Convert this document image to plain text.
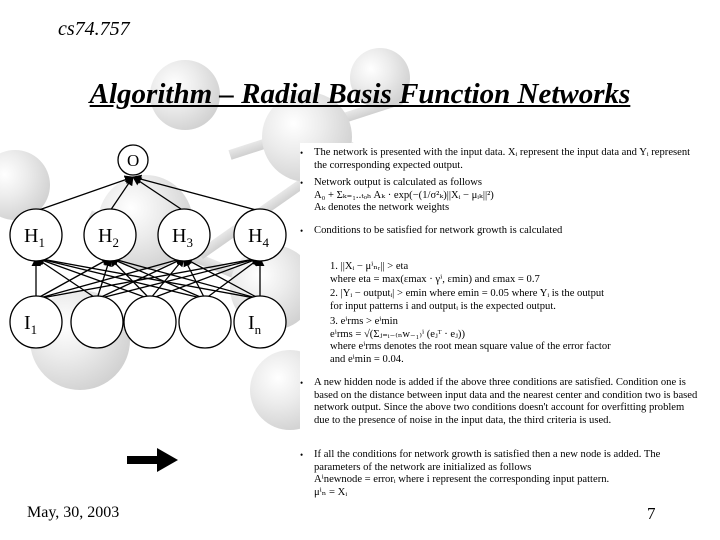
cs74.757
Algorithm – Radial Basis Function Networks
O
$H_1$	$H_2$	$H_3$	$H_4$
$I_1$	$I_n$
•	The network is presented with the input data. Xᵢ represent the input data and Yᵢ represent the corresponding expected output.
•	Network output is calculated as follows
A₀ + Σₖ₌₁..ₜₒₕ Aₖ · exp(−(1/σ²ₖ)||Xᵢ − μᵢₖ||²)
Aₖ denotes the network weights
•	Conditions to be satisfied for network growth is calculated
1. ||Xᵢ − μⁱₙᵣ|| > eta
where eta = max(εmax · γⁱ, εmin) and εmax = 0.7
2. |Yᵢ − outputᵢ| > emin where emin = 0.05 where Yᵢ is the output
for input patterns i and outputᵢ is the expected output.
3. eⁱrms > eⁱmin
eⁱrms = √(Σⱼ₌ᵢ₋₍ₙw₋₁₎ⁱ (eⱼᵀ · eⱼ))
where eⁱrms denotes the root mean square value of the error factor
and eⁱmin = 0.04.
•	A new hidden node is added if the above three conditions are satisfied. Condition one is based on the distance between input data and the nearest center and condition two is based network output. Since the above two conditions doesn't account for overfitting problem due to the presence of noise in the input data, the third criteria is used.
•	If all the conditions for network growth is satisfied then a new node is added. The parameters of the network are initialized as follows
Aⁱnewnode = errorᵢ where i represent the corresponding input pattern.
μⁱₙ = Xᵢ
May, 30, 2003	7
